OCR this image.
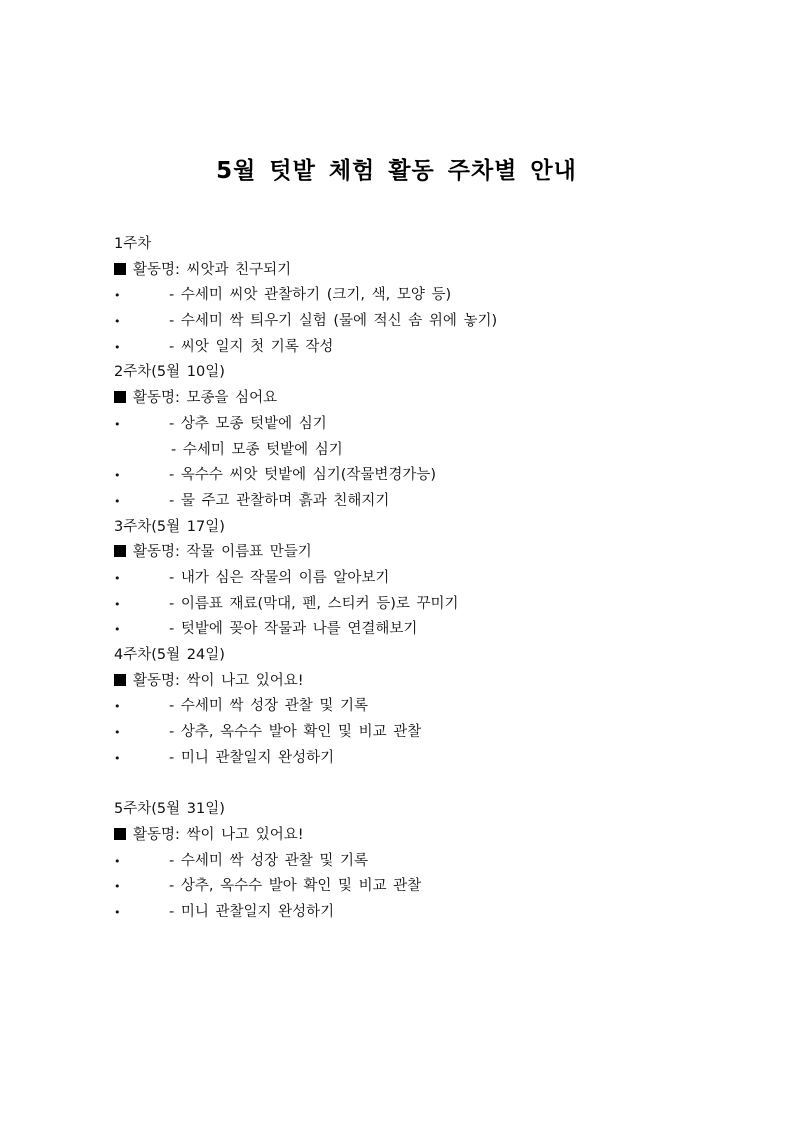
5월 텃밭 체험 활동 주차별 안내
1주차
활동명: 씨앗과 친구되기
•	- 수세미 씨앗 관찰하기 (크기, 색, 모양 등)
•	- 수세미 싹 틔우기 실험 (물에 적신 솜 위에 놓기)
•	- 씨앗 일지 첫 기록 작성
2주차(5월 10일)
활동명: 모종을 심어요
•	- 상추 모종 텃밭에 심기
- 수세미 모종 텃밭에 심기
•	- 옥수수 씨앗 텃밭에 심기(작물변경가능)
•	- 물 주고 관찰하며 흙과 친해지기
3주차(5월 17일)
활동명: 작물 이름표 만들기
•	- 내가 심은 작물의 이름 알아보기
•	- 이름표 재료(막대, 펜, 스티커 등)로 꾸미기
•	- 텃밭에 꽂아 작물과 나를 연결해보기
4주차(5월 24일)
활동명: 싹이 나고 있어요!
•	- 수세미 싹 성장 관찰 및 기록
•	- 상추, 옥수수 발아 확인 및 비교 관찰
•	- 미니 관찰일지 완성하기
5주차(5월 31일)
활동명: 싹이 나고 있어요!
•	- 수세미 싹 성장 관찰 및 기록
•	- 상추, 옥수수 발아 확인 및 비교 관찰
•	- 미니 관찰일지 완성하기
